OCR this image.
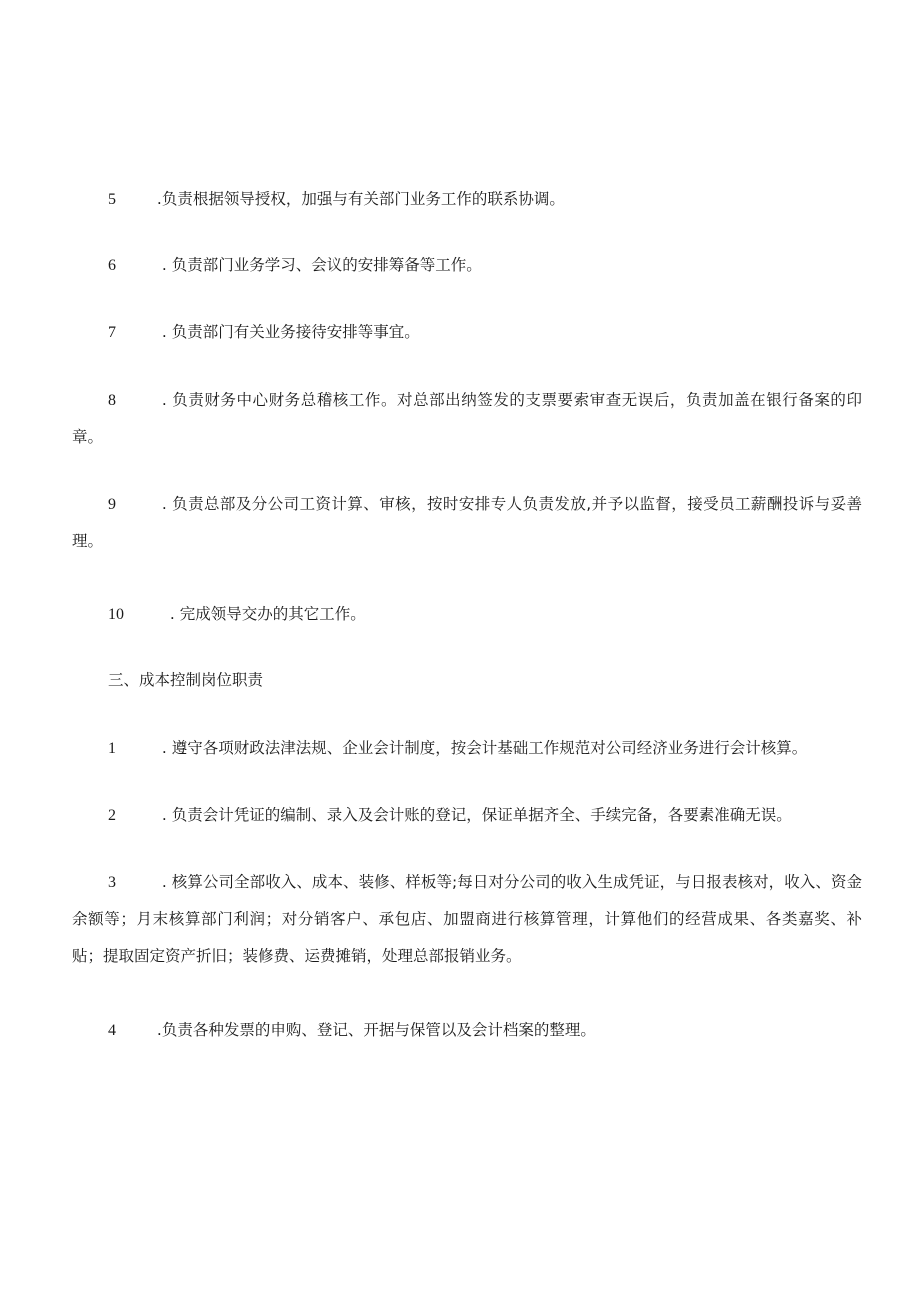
5 .负责根据领导授权，加强与有关部门业务工作的联系协调。

6  . 负责部门业务学习、会议的安排筹备等工作。

7  . 负责部门有关业务接待安排等事宜。

8  . 负责财务中心财务总稽核工作。对总部出纳签发的支票要索审查无误后，负责加盖在银行备案的印章。

9  . 负责总部及分公司工资计算、审核，按时安排专人负责发放,并予以监督，接受员工薪酬投诉与妥善理。

10  . 完成领导交办的其它工作。

三、成本控制岗位职责

1  . 遵守各项财政法津法规、企业会计制度，按会计基础工作规范对公司经济业务进行会计核算。

2  . 负责会计凭证的编制、录入及会计账的登记，保证单据齐全、手续完备，各要素准确无误。

3  . 核算公司全部收入、成本、装修、样板等;每日对分公司的收入生成凭证，与日报表核对，收入、资金余额等；月末核算部门利润；对分销客户、承包店、加盟商进行核算管理，计算他们的经营成果、各类嘉奖、补贴；提取固定资产折旧；装修费、运费摊销，处理总部报销业务。

4 .负责各种发票的申购、登记、开据与保管以及会计档案的整理。
